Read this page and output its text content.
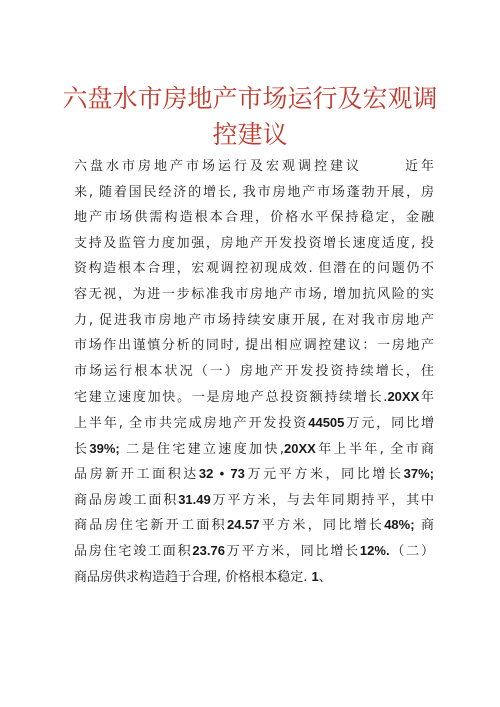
六盘水市房地产市场运行及宏观调
控建议
六盘水市房地产市场运行及宏观调控建议	近年
来, 随着国民经济的增长, 我市房地产市场蓬勃开展，房
地产市场供需构造根本合理，价格水平保持稳定，金融
支持及监管力度加强，房地产开发投资增长速度适度, 投
资构造根本合理，宏观调控初现成效. 但潜在的问题仍不
容无视，为进一步标准我市房地产市场, 增加抗风险的实
力, 促进我市房地产市场持续安康开展, 在对我市房地产
市场作出谨慎分析的同时, 提出相应调控建议：一房地产
市场运行根本状况（一）房地产开发投资持续增长，住
宅建立速度加快。一是房地产总投资额持续增长.20XX年
上半年, 全市共完成房地产开发投资44505万元，同比增
长39%; 二是住宅建立速度加快,20XX年上半年, 全市商
品房新开工面积达32 • 73万元平方米，同比增长37%;
商品房竣工面积31.49万平方米，与去年同期持平，其中
商品房住宅新开工面积24.57平方米，同比增长48%; 商
品房住宅竣工面积23.76万平方米，同比增长12%.（二）
商品房供求构造趋于合理, 价格根本稳定. 1、
